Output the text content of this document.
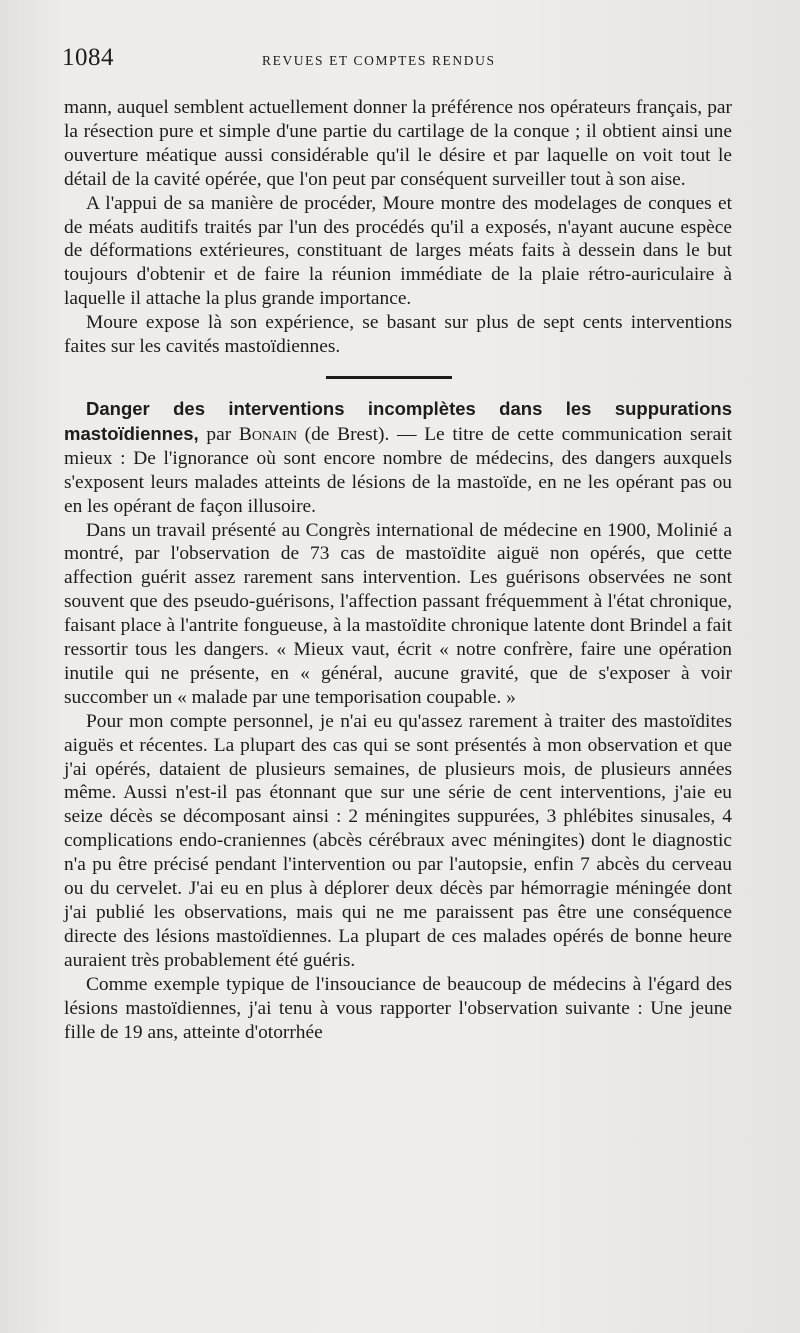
1084	REVUES ET COMPTES RENDUS

mann, auquel semblent actuellement donner la préférence nos opérateurs français, par la résection pure et simple d'une partie du cartilage de la conque ; il obtient ainsi une ouverture méatique aussi considérable qu'il le désire et par laquelle on voit tout le détail de la cavité opérée, que l'on peut par conséquent surveiller tout à son aise.

A l'appui de sa manière de procéder, Moure montre des modelages de conques et de méats auditifs traités par l'un des procédés qu'il a exposés, n'ayant aucune espèce de déformations extérieures, constituant de larges méats faits à dessein dans le but toujours d'obtenir et de faire la réunion immédiate de la plaie rétro-auriculaire à laquelle il attache la plus grande importance.

Moure expose là son expérience, se basant sur plus de sept cents interventions faites sur les cavités mastoïdiennes.

Danger des interventions incomplètes dans les suppurations mastoïdiennes, par Bonain (de Brest). — Le titre de cette communication serait mieux : De l'ignorance où sont encore nombre de médecins, des dangers auxquels s'exposent leurs malades atteints de lésions de la mastoïde, en ne les opérant pas ou en les opérant de façon illusoire.

Dans un travail présenté au Congrès international de médecine en 1900, Molinié a montré, par l'observation de 73 cas de mastoïdite aiguë non opérés, que cette affection guérit assez rarement sans intervention. Les guérisons observées ne sont souvent que des pseudo-guérisons, l'affection passant fréquemment à l'état chronique, faisant place à l'antrite fongueuse, à la mastoïdite chronique latente dont Brindel a fait ressortir tous les dangers. « Mieux vaut, écrit « notre confrère, faire une opération inutile qui ne présente, en « général, aucune gravité, que de s'exposer à voir succomber un « malade par une temporisation coupable. »

Pour mon compte personnel, je n'ai eu qu'assez rarement à traiter des mastoïdites aiguës et récentes. La plupart des cas qui se sont présentés à mon observation et que j'ai opérés, dataient de plusieurs semaines, de plusieurs mois, de plusieurs années même. Aussi n'est-il pas étonnant que sur une série de cent interventions, j'aie eu seize décès se décomposant ainsi : 2 méningites suppurées, 3 phlébites sinusales, 4 complications endo-craniennes (abcès cérébraux avec méningites) dont le diagnostic n'a pu être précisé pendant l'intervention ou par l'autopsie, enfin 7 abcès du cerveau ou du cervelet. J'ai eu en plus à déplorer deux décès par hémorragie méningée dont j'ai publié les observations, mais qui ne me paraissent pas être une conséquence directe des lésions mastoïdiennes. La plupart de ces malades opérés de bonne heure auraient très probablement été guéris.

Comme exemple typique de l'insouciance de beaucoup de médecins à l'égard des lésions mastoïdiennes, j'ai tenu à vous rapporter l'observation suivante : Une jeune fille de 19 ans, atteinte d'otorrhée
